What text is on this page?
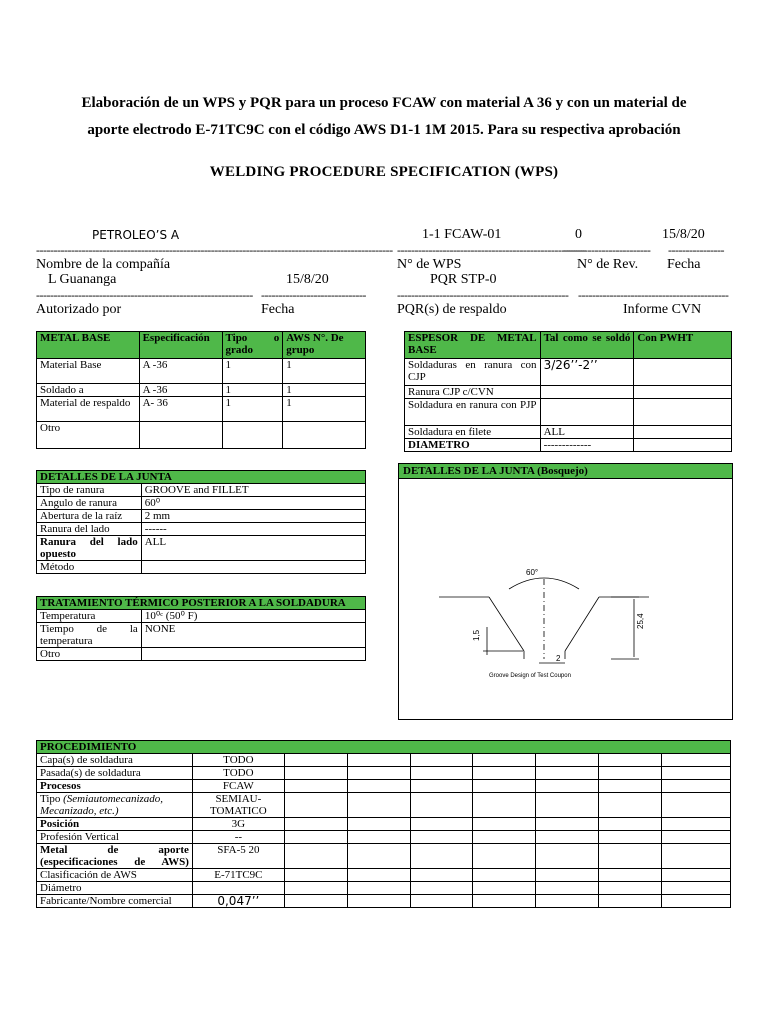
Elaboración de un WPS y PQR para un proceso FCAW con material A 36 y con un material de
aporte electrodo E-71TC9C con el código AWS D1-1 1M 2015. Para su respectiva aprobación
WELDING PROCEDURE SPECIFICATION (WPS)
PETROLEO’S A	1-1 FCAW-01	0	15/8/20
------------------------------------------------------------------------------------------------------ ------------------------------------------------------
------------------------- ----------------
Nombre de la compañía	N° de WPS	N° de Rev. Fecha
L Guananga	15/8/20	PQR STP-0
-------------------------------------------------------------- ------------------------------	------------------------------------------------- -------------------------------------------
Autorizado por	Fecha	PQR(s) de respaldo	Informe CVN
METAL BASE	Especificación	Tipo o grado	AWS N°. De grupo
Material Base	A -36	1	1
Soldado a	A -36	1	1
Material de respaldo	A- 36	1	1
Otro			
ESPESOR DE METAL BASE	Tal como se soldó	Con PWHT
Soldaduras en ranura con CJP	3/26’’-2’’	
Ranura CJP c/CVN		
Soldadura en ranura con PJP		
Soldadura en filete	ALL	
DIAMETRO	-------------	
DETALLES DE LA JUNTA	
Tipo de ranura	GROOVE and FILLET
Angulo de ranura	60⁰
Abertura de la raíz	2 mm
Ranura del lado	------
Ranura del lado opuesto	ALL
Método	
TRATAMIENTO TÉRMICO POSTERIOR A LA SOLDADURA	
Temperatura	10⁰ᶜ (50⁰ F)
Tiempo de la temperatura	NONE
Otro	
DETALLES DE LA JUNTA (Bosquejo)
60°
25,4
1,5
2
Groove Design of Test Coupon
PROCEDIMIENTO								
Capa(s) de soldadura	TODO							
Pasada(s) de soldadura	TODO							
Procesos	FCAW							
Tipo (Semiautomecanizado, Mecanizado, etc.)	SEMIAU- TOMATICO							
Posición	3G							
Profesión Vertical	--							
Metal de aporte (especificaciones de AWS)	SFA-5 20							
Clasificación de AWS	E-71TC9C							
Diámetro								
Fabricante/Nombre comercial	0,047’’							
